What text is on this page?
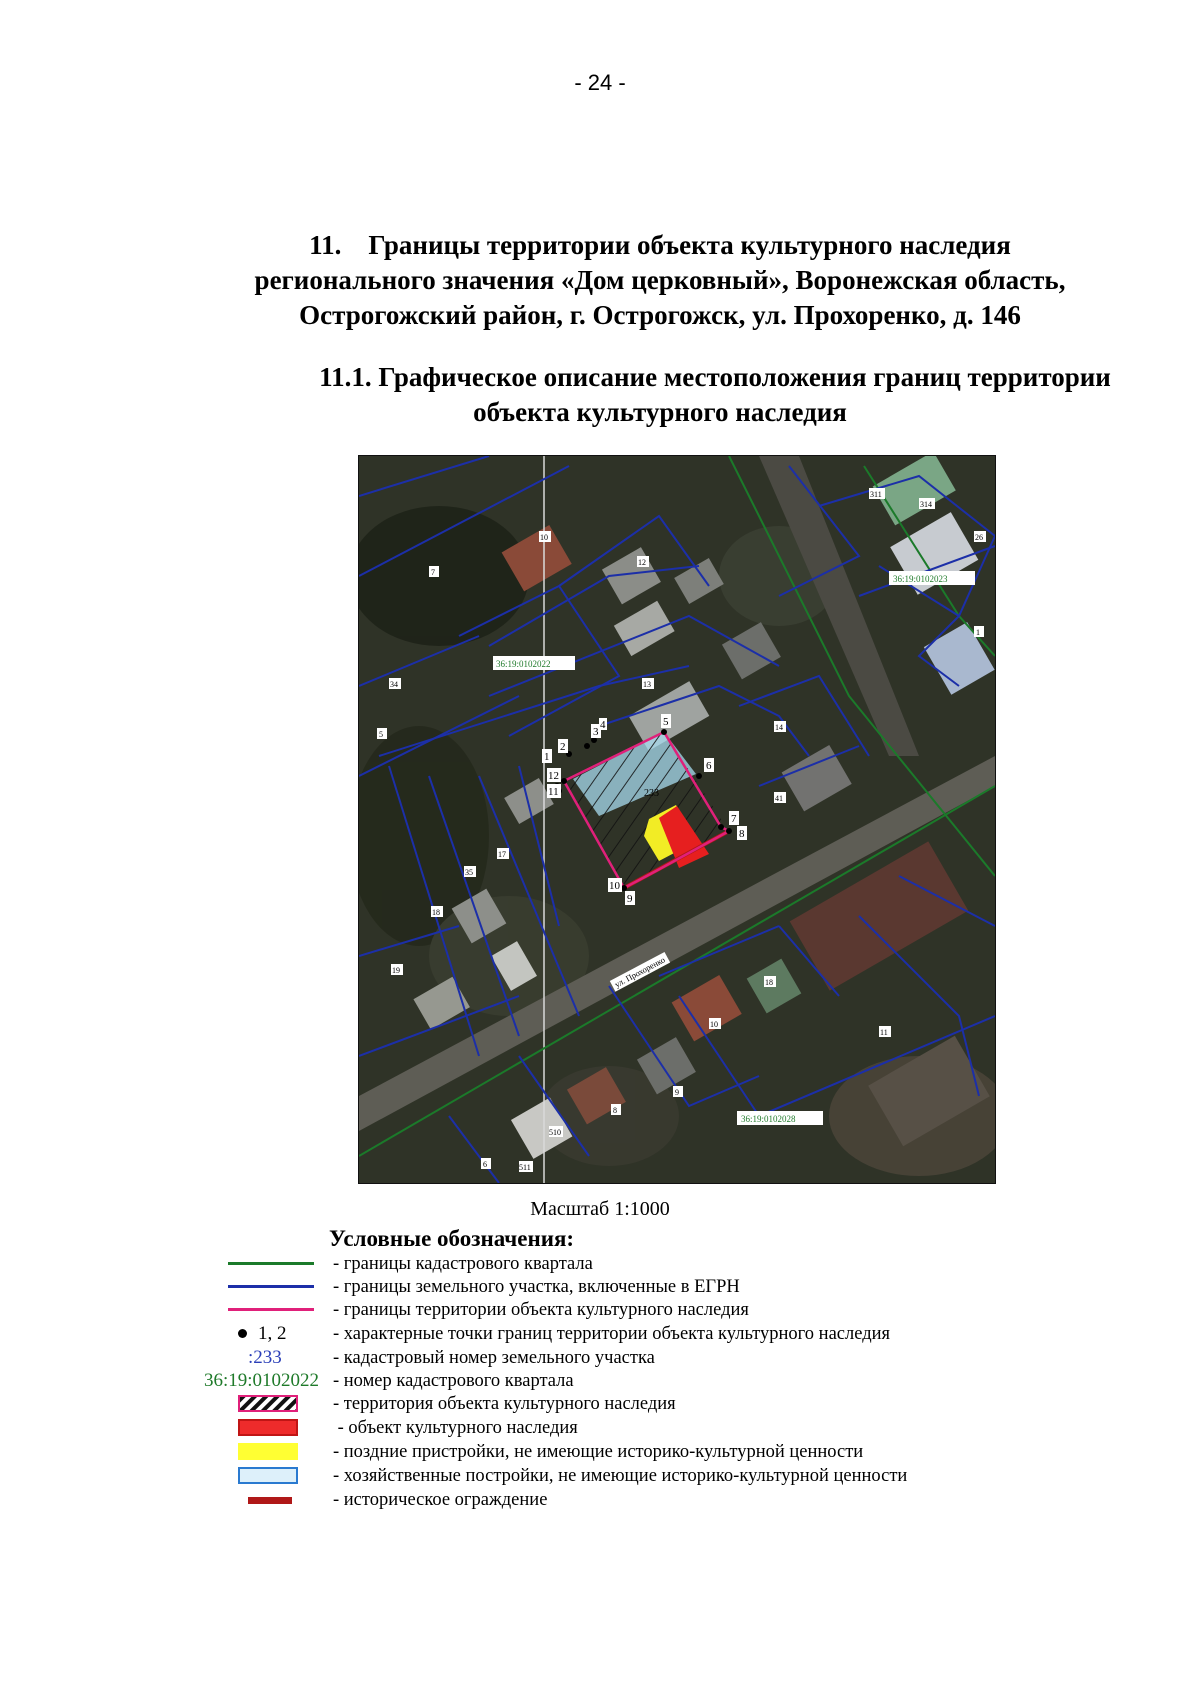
- 24 -
11.    Границы территории объекта культурного наследия
регионального значения «Дом церковный», Воронежская область,
Острогожский район, г. Острогожск, ул. Прохоренко, д. 146
11.1. Графическое описание местоположения границ территории
объекта культурного наследия
1
2
3
4	5
6
7
8
9
10
11
12
233
10
12
7
13
14
34
5
41
17
35
18
19
18
10
11
9
8
6
510
511
311
314
26
1
36:19:0102022
36:19:0102023
36:19:0102028
ул. Прохоренко
Масштаб 1:1000
Условные обозначения:
- границы кадастрового квартала
- границы земельного участка, включенные в ЕГРН
- границы территории объекта культурного наследия
1, 2	- характерные точки границ территории объекта культурного наследия
:233	- кадастровый номер земельного участка
36:19:0102022 - номер кадастрового квартала
- территория объекта культурного наследия
- объект культурного наследия
- поздние пристройки, не имеющие историко-культурной ценности
- хозяйственные постройки, не имеющие историко-культурной ценности
- историческое ограждение
